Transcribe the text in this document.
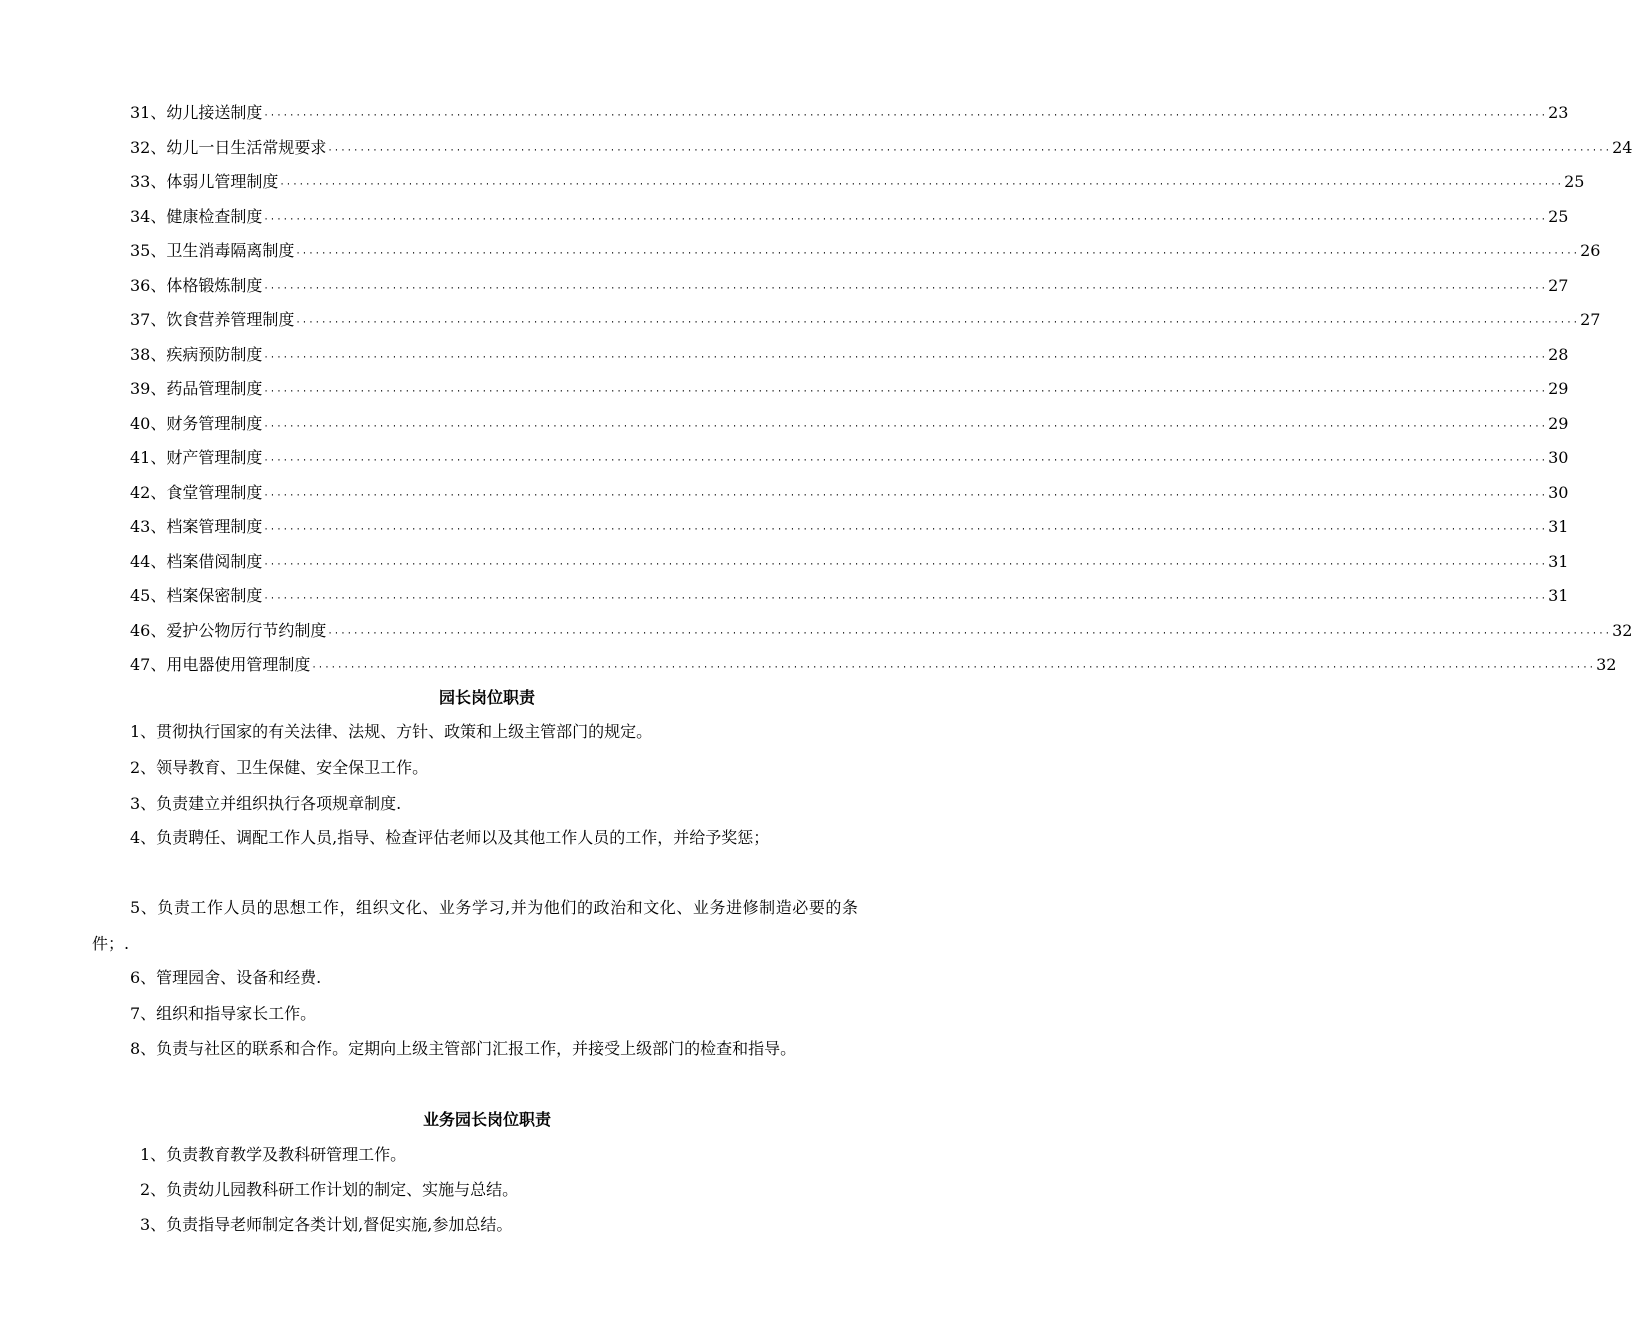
31、幼儿接送制度 ········································································································································································································ 23
32、幼儿一日生活常规要求 ········································································································································································································ 24
33、体弱儿管理制度 ········································································································································································································ 25
34、健康检查制度 ········································································································································································································ 25
35、卫生消毒隔离制度 ········································································································································································································ 26
36、体格锻炼制度 ········································································································································································································ 27
37、饮食营养管理制度 ········································································································································································································ 27
38、疾病预防制度 ········································································································································································································ 28
39、药品管理制度 ········································································································································································································ 29
40、财务管理制度 ········································································································································································································ 29
41、财产管理制度 ········································································································································································································ 30
42、食堂管理制度 ········································································································································································································ 30
43、档案管理制度 ········································································································································································································ 31
44、档案借阅制度 ········································································································································································································ 31
45、档案保密制度 ········································································································································································································ 31
46、爱护公物厉行节约制度 ········································································································································································································ 32
47、用电器使用管理制度 ········································································································································································································ 32
园长岗位职责
1、贯彻执行国家的有关法律、法规、方针、政策和上级主管部门的规定。
2、领导教育、卫生保健、安全保卫工作。
3、负责建立并组织执行各项规章制度.
4、负责聘任、调配工作人员,指导、检查评估老师以及其他工作人员的工作，并给予奖惩；
5、负责工作人员的思想工作，组织文化、业务学习,并为他们的政治和文化、业务进修制造必要的条件；.
6、管理园舍、设备和经费.
7、组织和指导家长工作。
8、负责与社区的联系和合作。定期向上级主管部门汇报工作，并接受上级部门的检查和指导。
业务园长岗位职责
1、负责教育教学及教科研管理工作。
2、负责幼儿园教科研工作计划的制定、实施与总结。
3、负责指导老师制定各类计划,督促实施,参加总结。
